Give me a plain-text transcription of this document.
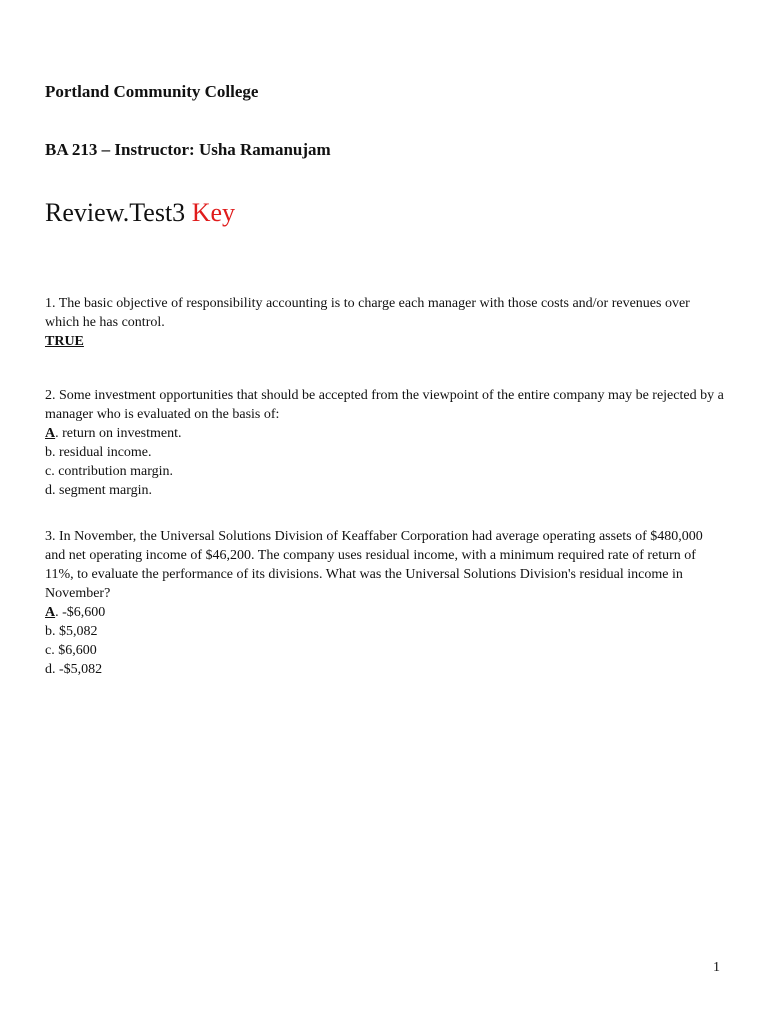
Portland Community College
BA 213 – Instructor: Usha Ramanujam
Review.Test3 Key

1. The basic objective of responsibility accounting is to charge each manager with those costs and/or revenues over which he has control.

TRUE

2. Some investment opportunities that should be accepted from the viewpoint of the entire company may be rejected by a manager who is evaluated on the basis of:

A. return on investment.

b. residual income.

c. contribution margin.

d. segment margin.

3. In November, the Universal Solutions Division of Keaffaber Corporation had average operating assets of $480,000 and net operating income of $46,200. The company uses residual income, with a minimum required rate of return of 11%, to evaluate the performance of its divisions. What was the Universal Solutions Division's residual income in November?

A. -$6,600

b. $5,082

c. $6,600

d. -$5,082

1
